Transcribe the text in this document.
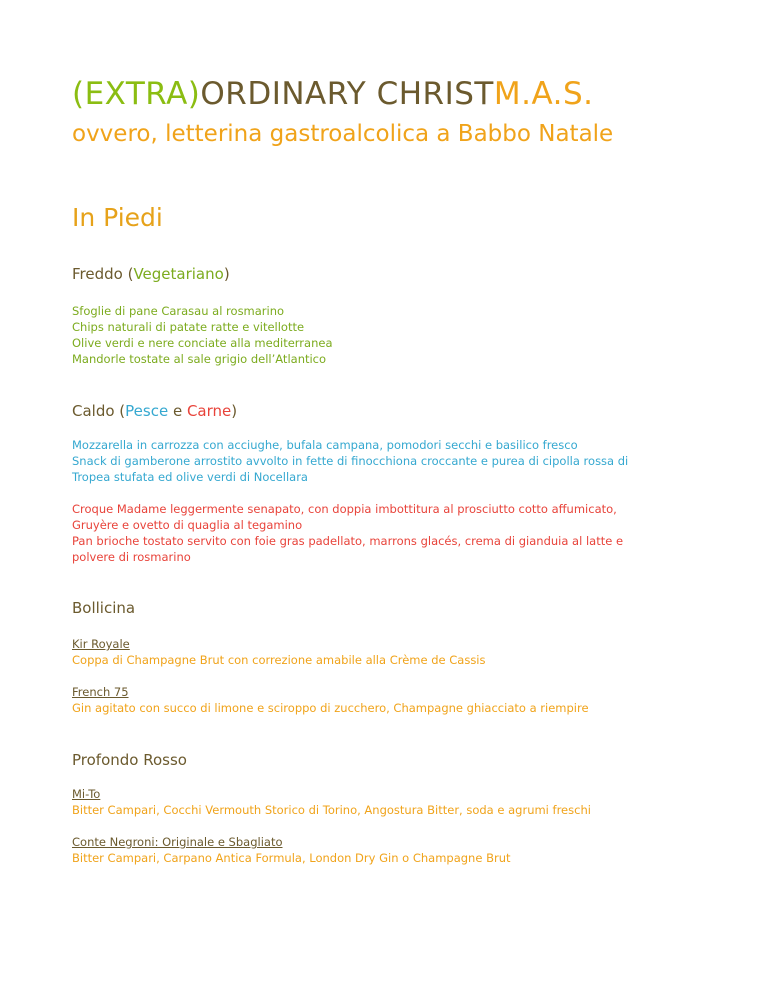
(EXTRA)ORDINARY CHRISTM.A.S.
ovvero, letterina gastroalcolica a Babbo Natale
In Piedi
Freddo (Vegetariano)
Sfoglie di pane Carasau al rosmarino
Chips naturali di patate ratte e vitellotte
Olive verdi e nere conciate alla mediterranea
Mandorle tostate al sale grigio dell’Atlantico
Caldo (Pesce e Carne)
Mozzarella in carrozza con acciughe, bufala campana, pomodori secchi e basilico fresco
Snack di gamberone arrostito avvolto in fette di finocchiona croccante e purea di cipolla rossa di
Tropea stufata ed olive verdi di Nocellara
Croque Madame leggermente senapato, con doppia imbottitura al prosciutto cotto affumicato,
Gruyère e ovetto di quaglia al tegamino
Pan brioche tostato servito con foie gras padellato, marrons glacés, crema di gianduia al latte e
polvere di rosmarino
Bollicina
Kir Royale
Coppa di Champagne Brut con correzione amabile alla Crème de Cassis
French 75
Gin agitato con succo di limone e sciroppo di zucchero, Champagne ghiacciato a riempire
Profondo Rosso
Mi-To
Bitter Campari, Cocchi Vermouth Storico di Torino, Angostura Bitter, soda e agrumi freschi
Conte Negroni: Originale e Sbagliato
Bitter Campari, Carpano Antica Formula, London Dry Gin o Champagne Brut
